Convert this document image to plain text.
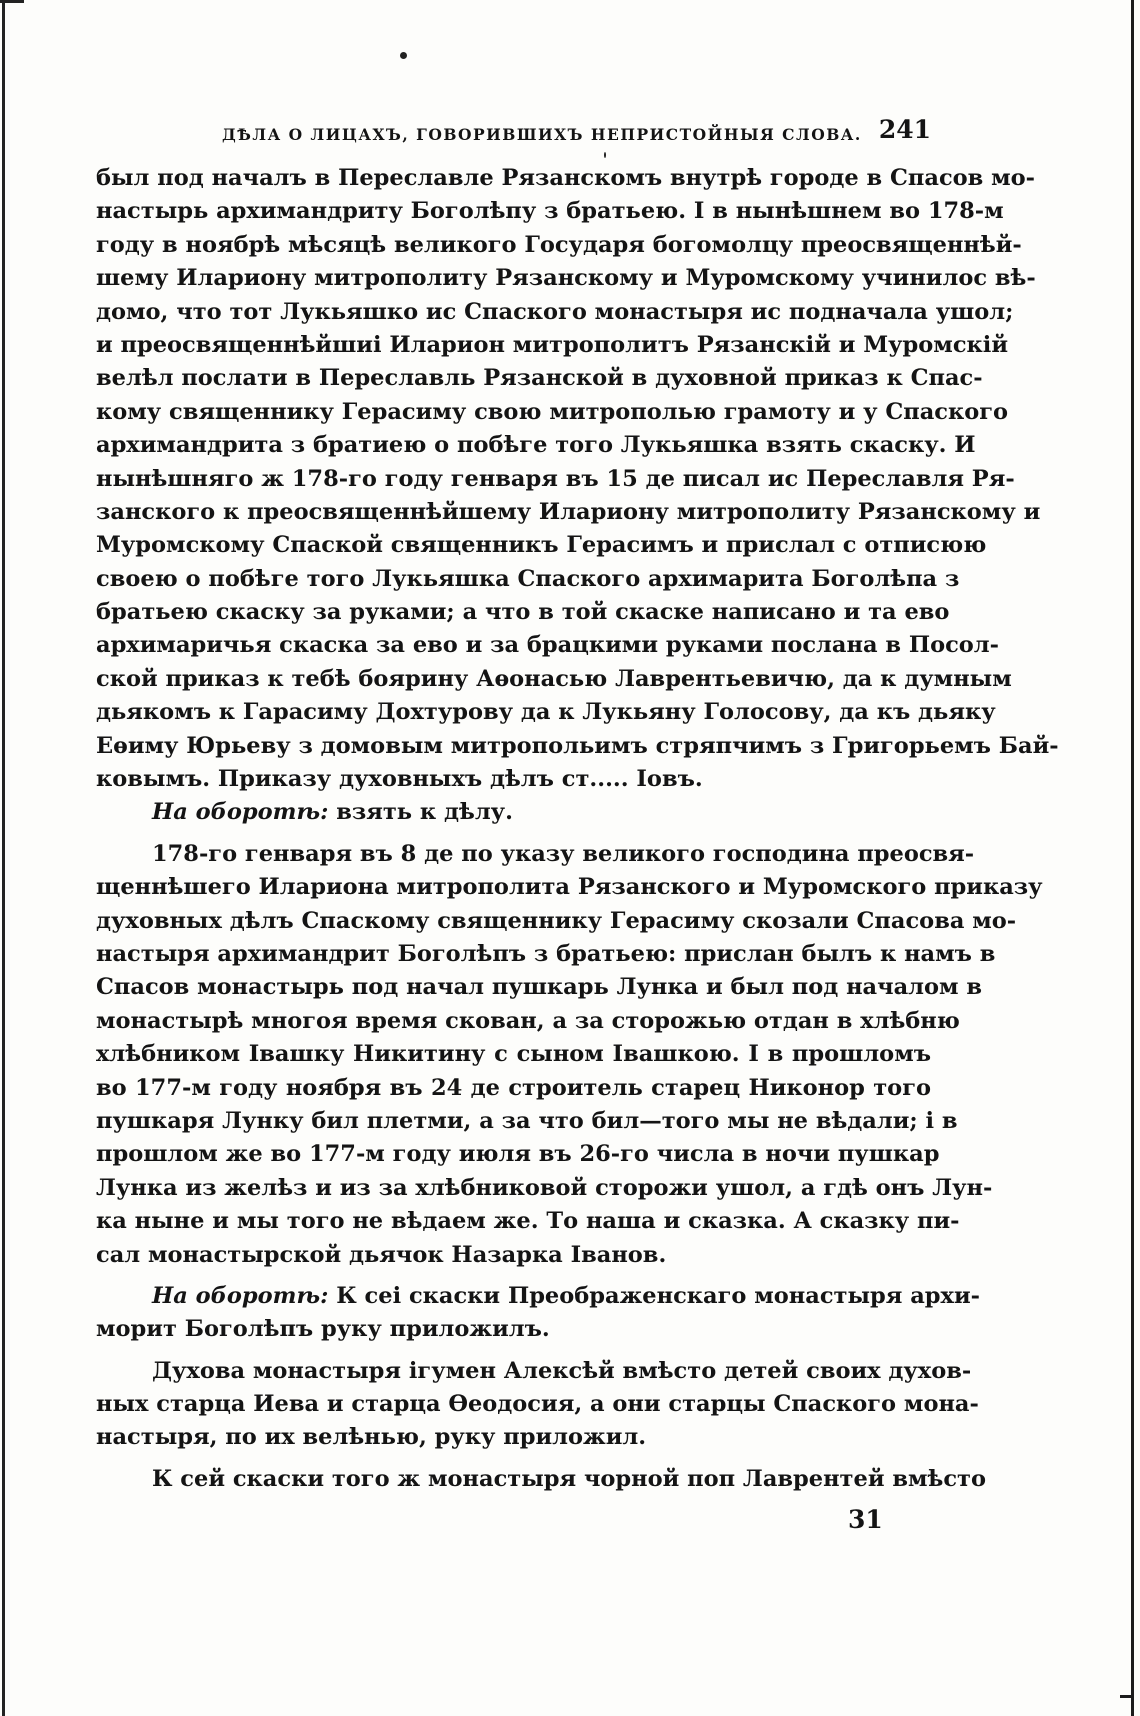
ДѢЛА О ЛИЦАХЪ, ГОВОРИВШИХЪ НЕПРИСТОЙНЫЯ СЛОВА. 241
был под началъ в Переславле Рязанскомъ внутрѣ городе в Спасов мо-
настырь архимандриту Боголѣпу з братьею. І в нынѣшнем во 178-м
году в ноябрѣ мѣсяцѣ великого Государя богомолцу преосвященнѣй-
шему Илариону митрополиту Рязанскому и Муромскому учинилос вѣ-
домо, что тот Лукьяшко ис Спаского монастыря ис подначала ушол;
и преосвященнѣйшиі Иларион митрополитъ Рязанскій и Муромскій
велѣл послати в Переславль Рязанской в духовной приказ к Спас-
кому священнику Герасиму свою митрополью грамоту и у Спаского
архимандрита з братиею о побѣге того Лукьяшка взять скаску. И
нынѣшняго ж 178-го году генваря въ 15 де писал ис Переславля Ря-
занского к преосвященнѣйшему Илариону митрополиту Рязанскому и
Муромскому Спаской священникъ Герасимъ и прислал с отписюю
своею о побѣге того Лукьяшка Спаского архимарита Боголѣпа з
братьею скаску за руками; а что в той скаске написано и та ево
архимаричья скаска за ево и за брацкими руками послана в Посол-
ской приказ к тебѣ боярину Аѳонасью Лаврентьевичю, да к думным
дьякомъ к Гарасиму Дохтурову да к Лукьяну Голосову, да къ дьяку
Еѳиму Юрьеву з домовым митропольимъ стряпчимъ з Григорьемъ Бай-
ковымъ. Приказу духовныхъ дѣлъ ст..... Іовъ.
На оборотѣ: взять к дѣлу.
178-го генваря въ 8 де по указу великого господина преосвя-
щеннѣшего Илариона митрополита Рязанского и Муромского приказу
духовных дѣлъ Спаскому священнику Герасиму скозали Спасова мо-
настыря архимандрит Боголѣпъ з братьею: прислан былъ к намъ в
Спасов монастырь под начал пушкарь Лунка и был под началом в
монастырѣ многоя время скован, а за сторожью отдан в хлѣбню
хлѣбником Івашку Никитину с сыном Івашкою. І в прошломъ
во 177-м году ноября въ 24 де строитель старец Никонор того
пушкаря Лунку бил плетми, а за что бил—того мы не вѣдали; і в
прошлом же во 177-м году июля въ 26-го числа в ночи пушкар
Лунка из желѣз и из за хлѣбниковой сторожи ушол, а гдѣ онъ Лун-
ка ныне и мы того не вѣдаем же. То наша и сказка. А сказку пи-
сал монастырской дьячок Назарка Іванов.
На оборотѣ: К сеі скаски Преображенскаго монастыря архи-
морит Боголѣпъ руку приложилъ.
Духова монастыря ігумен Алексѣй вмѣсто детей своих духов-
ных старца Иева и старца Ѳеодосия, а они старцы Спаского мона-
настыря, по их велѣнью, руку приложил.
К сей скаски того ж монастыря чорной поп Лаврентей вмѣсто
31
